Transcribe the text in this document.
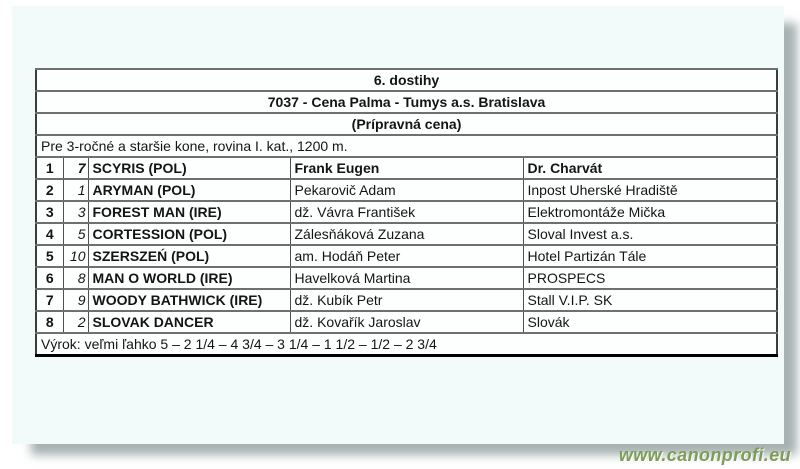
6. dostihy				
7037 - Cena Palma - Tumys a.s. Bratislava				
(Prípravná cena)				
Pre 3-ročné a staršie kone, rovina I. kat., 1200 m.				
1	7	SCYRIS (POL)	Frank Eugen	Dr. Charvát
2	1	ARYMAN (POL)	Pekarovič Adam	Inpost Uherské Hradiště
3	3	FOREST MAN (IRE)	dž. Vávra František	Elektromontáže Mička
4	5	CORTESSION (POL)	Zálesňáková Zuzana	Sloval Invest a.s.
5	10	SZERSZEŃ (POL)	am. Hodáň Peter	Hotel Partizán Tále
6	8	MAN O WORLD (IRE)	Havelková Martina	PROSPECS
7	9	WOODY BATHWICK (IRE)	dž. Kubík Petr	Stall V.I.P. SK
8	2	SLOVAK DANCER	dž. Kovařík Jaroslav	Slovák
Výrok: veľmi ľahko 5 – 2 1/4 – 4 3/4 – 3 1/4 – 1 1/2 – 1/2 – 2 3/4				
www.canonprofi.eu
